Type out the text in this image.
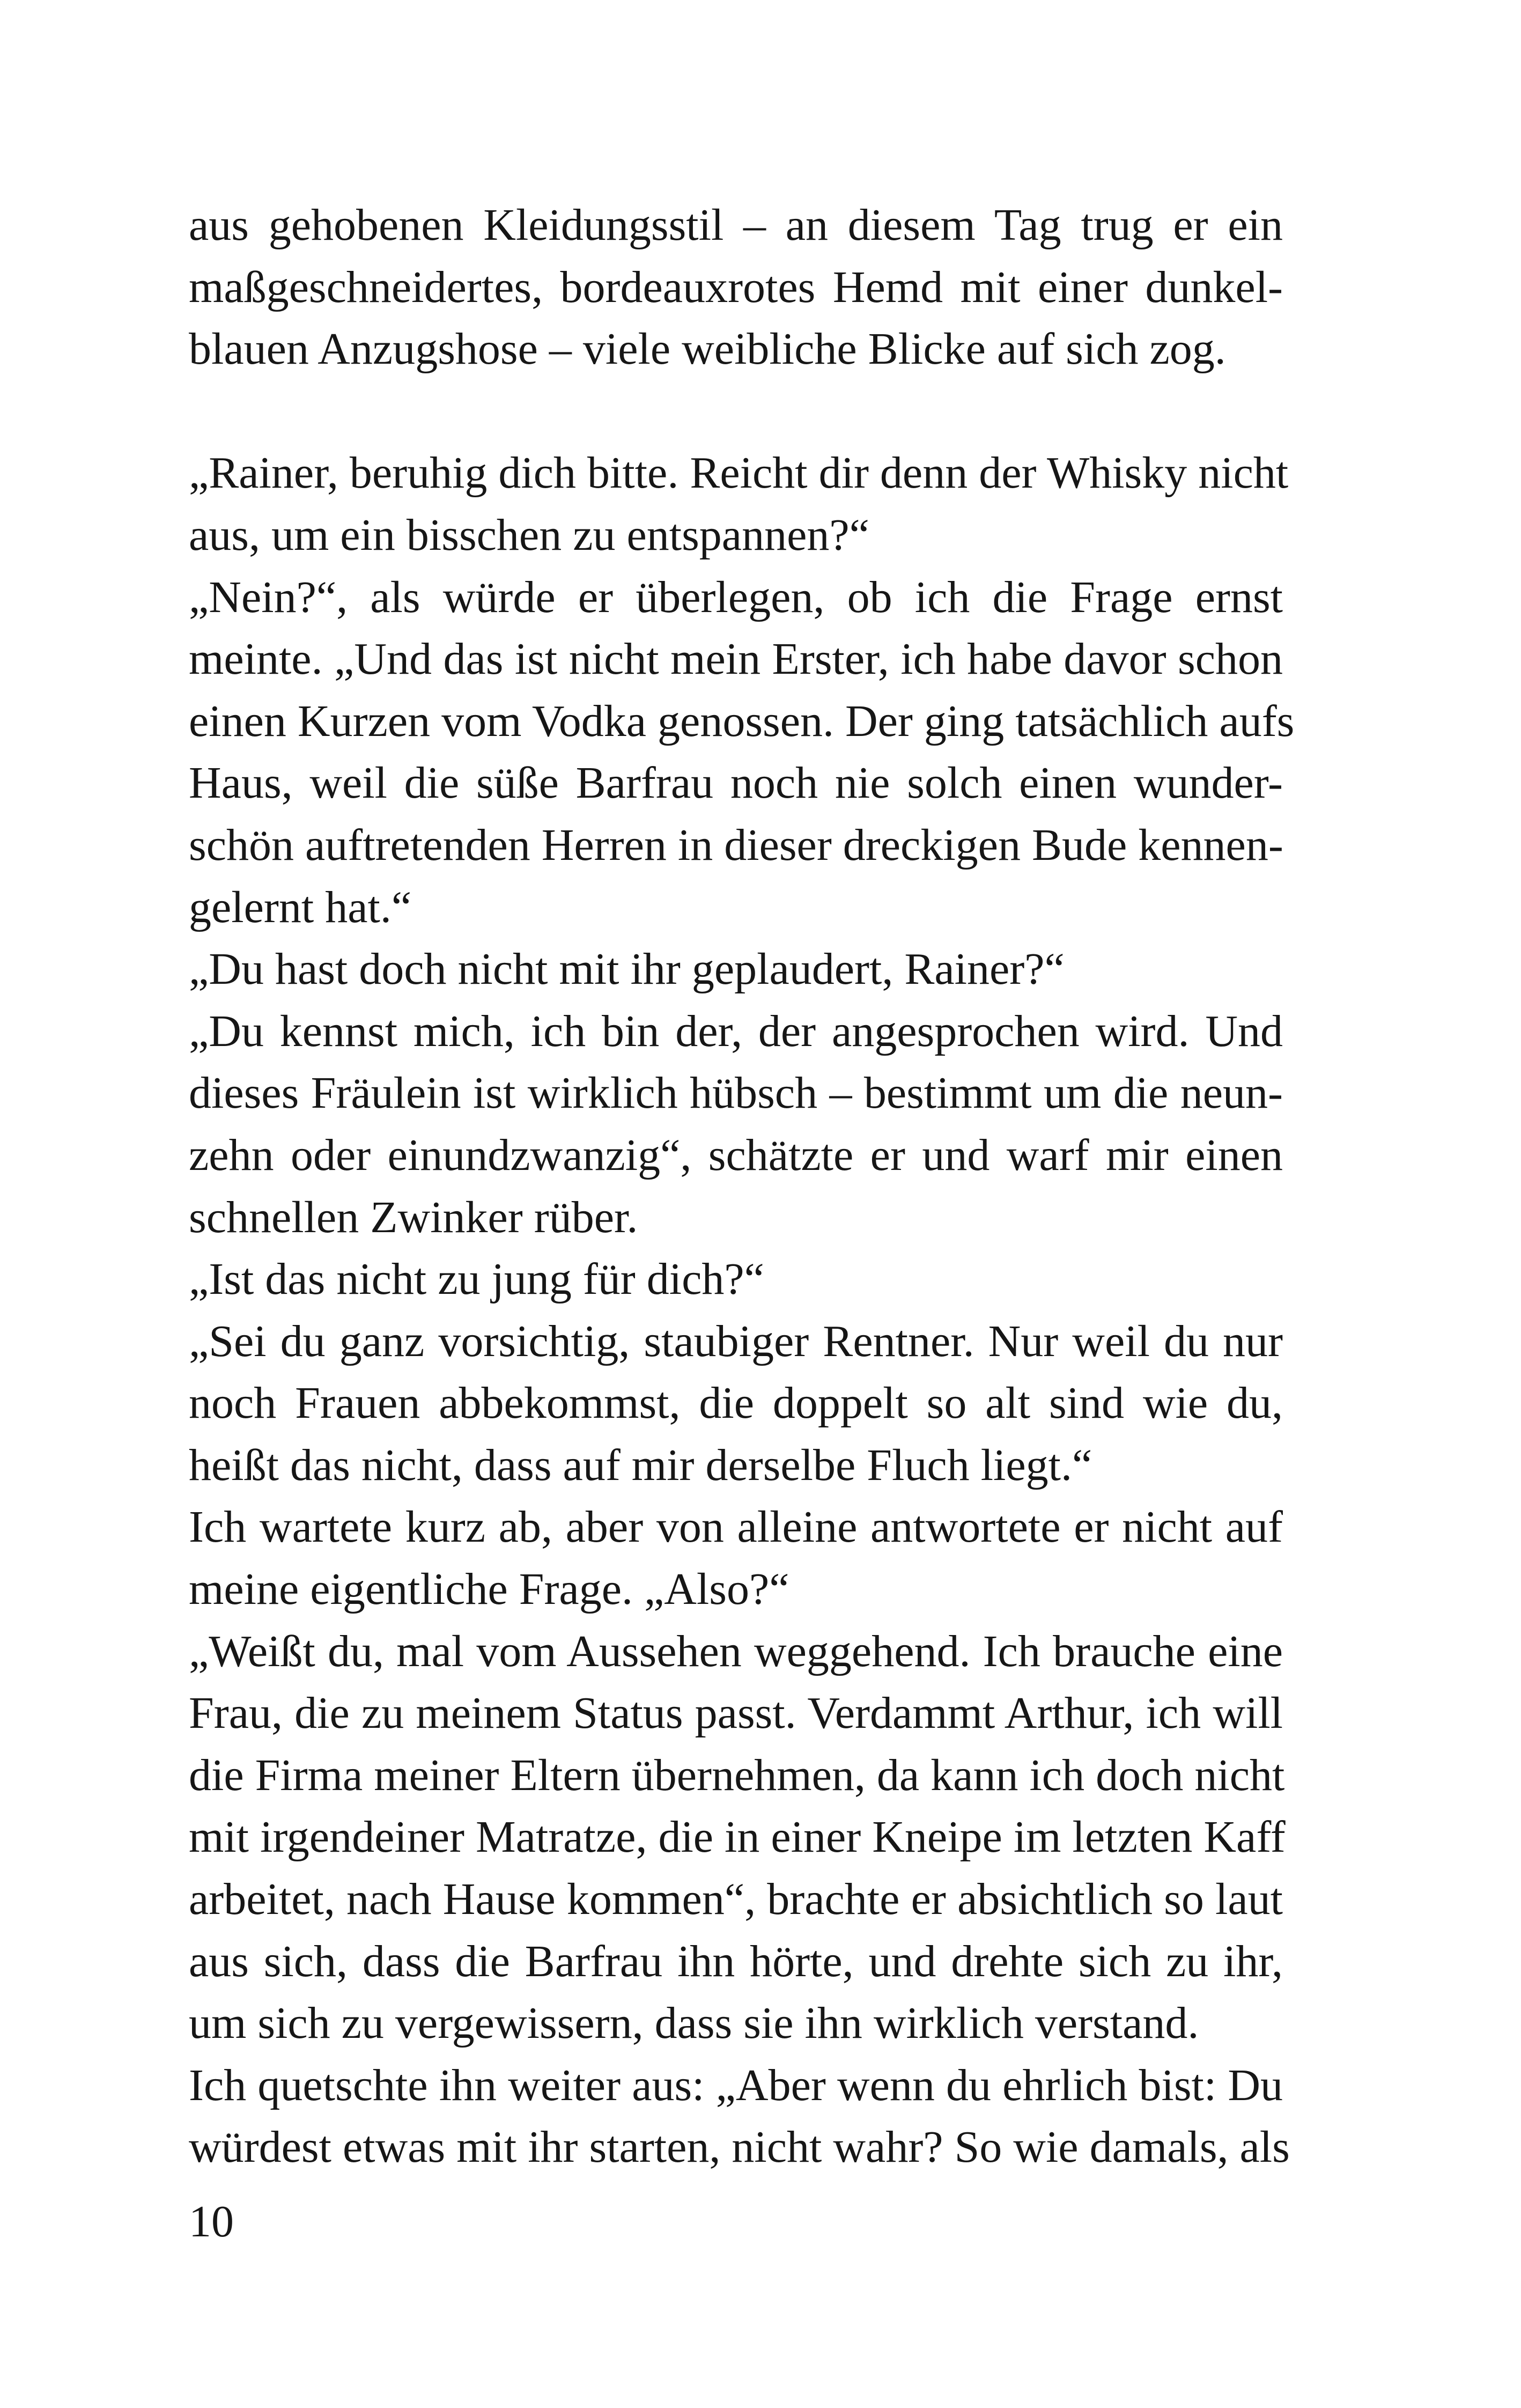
aus gehobenen Kleidungsstil – an diesem Tag trug er ein
maßgeschneidertes, bordeauxrotes Hemd mit einer dunkel-
blauen Anzugshose – viele weibliche Blicke auf sich zog.
„Rainer, beruhig dich bitte. Reicht dir denn der Whisky nicht
aus, um ein bisschen zu entspannen?“
„Nein?“, als würde er überlegen, ob ich die Frage ernst
meinte. „Und das ist nicht mein Erster, ich habe davor schon
einen Kurzen vom Vodka genossen. Der ging tatsächlich aufs
Haus, weil die süße Barfrau noch nie solch einen wunder-
schön auftretenden Herren in dieser dreckigen Bude kennen-
gelernt hat.“
„Du hast doch nicht mit ihr geplaudert, Rainer?“
„Du kennst mich, ich bin der, der angesprochen wird. Und
dieses Fräulein ist wirklich hübsch – bestimmt um die neun-
zehn oder einundzwanzig“, schätzte er und warf mir einen
schnellen Zwinker rüber.
„Ist das nicht zu jung für dich?“
„Sei du ganz vorsichtig, staubiger Rentner. Nur weil du nur
noch Frauen abbekommst, die doppelt so alt sind wie du,
heißt das nicht, dass auf mir derselbe Fluch liegt.“
Ich wartete kurz ab, aber von alleine antwortete er nicht auf
meine eigentliche Frage. „Also?“
„Weißt du, mal vom Aussehen weggehend. Ich brauche eine
Frau, die zu meinem Status passt. Verdammt Arthur, ich will
die Firma meiner Eltern übernehmen, da kann ich doch nicht
mit irgendeiner Matratze, die in einer Kneipe im letzten Kaff
arbeitet, nach Hause kommen“, brachte er absichtlich so laut
aus sich, dass die Barfrau ihn hörte, und drehte sich zu ihr,
um sich zu vergewissern, dass sie ihn wirklich verstand.
Ich quetschte ihn weiter aus: „Aber wenn du ehrlich bist: Du
würdest etwas mit ihr starten, nicht wahr? So wie damals, als
10
